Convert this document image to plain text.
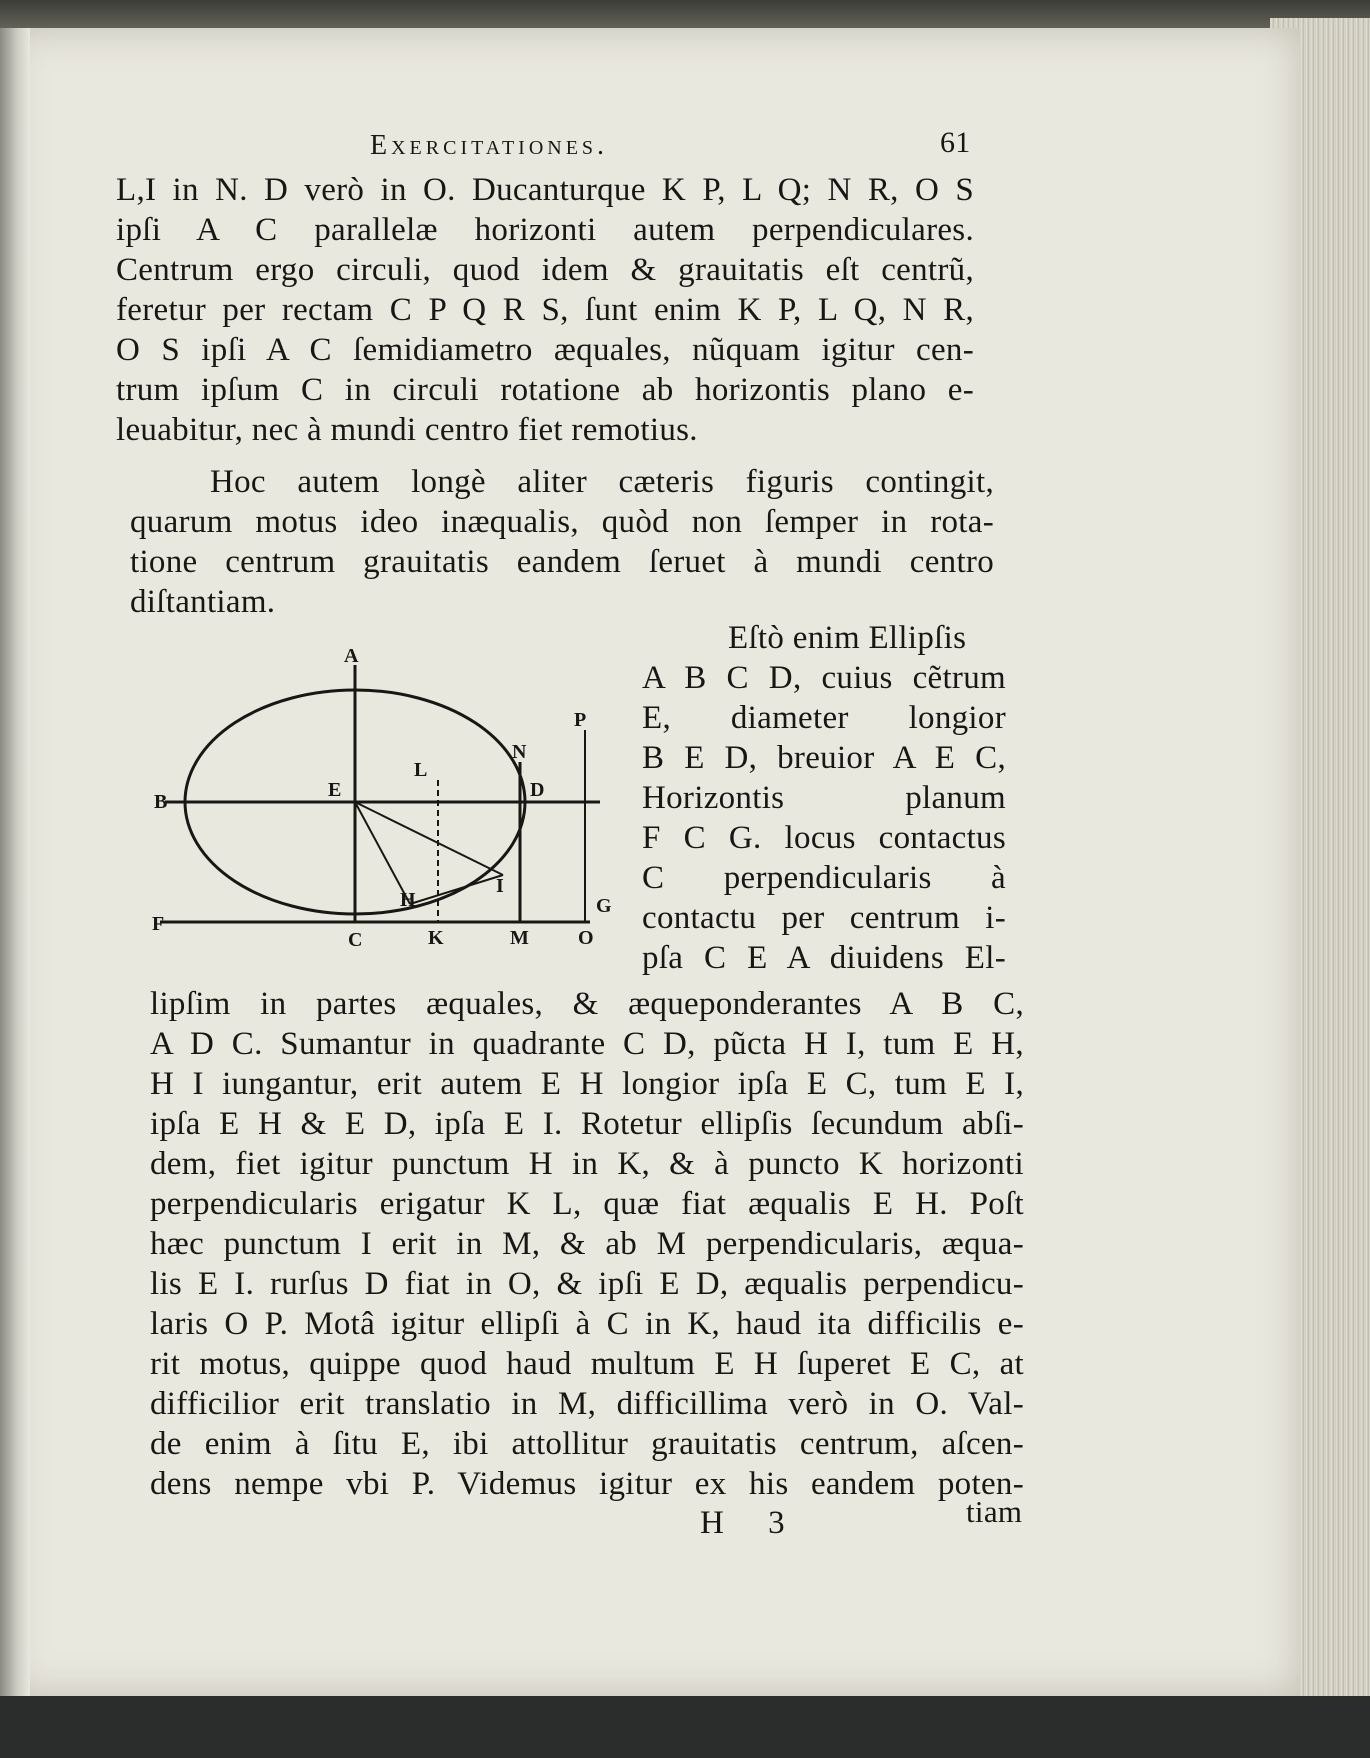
Exercitationes.	61
L,I in N. D verò in O. Ducanturque K P, L Q; N R, O S
ipſi A C parallelæ horizonti autem perpendiculares.
Centrum ergo circuli, quod idem & grauitatis eſt centrũ,
feretur per rectam C P Q R S, ſunt enim K P, L Q, N R,
O S ipſi A C ſemidiametro æquales, nũquam igitur cen-
trum ipſum C in circuli rotatione ab horizontis plano e-
leuabitur, nec à mundi centro fiet remotius.
Hoc autem longè aliter cæteris figuris contingit,
quarum motus ideo inæqualis, quòd non ſemper in rota-
tione centrum grauitatis eandem ſeruet à mundi centro
diſtantiam.
A
B
C
D
E
F
G
H
I
K
L
M
N
O
P
Eſtò enim Ellipſis
A B C D, cuius cẽtrum
E, diameter longior
B E D, breuior A E C,
Horizontis planum
F C G. locus contactus
C perpendicularis à
contactu per centrum i-
pſa C E A diuidens El-
lipſim in partes æquales, & æqueponderantes A B C,
A D C. Sumantur in quadrante C D, pũcta H I, tum E H,
H I iungantur, erit autem E H longior ipſa E C, tum E I,
ipſa E H & E D, ipſa E I. Rotetur ellipſis ſecundum abſi-
dem, fiet igitur punctum H in K, & à puncto K horizonti
perpendicularis erigatur K L, quæ fiat æqualis E H. Poſt
hæc punctum I erit in M, & ab M perpendicularis, æqua-
lis E I. rurſus D fiat in O, & ipſi E D, æqualis perpendicu-
laris O P. Motâ igitur ellipſi à C in K, haud ita difficilis e-
rit motus, quippe quod haud multum E H ſuperet E C, at
difficilior erit translatio in M, difficillima verò in O. Val-
de enim à ſitu E, ibi attollitur grauitatis centrum, aſcen-
dens nempe vbi P. Videmus igitur ex his eandem poten-
tiam
H 3
